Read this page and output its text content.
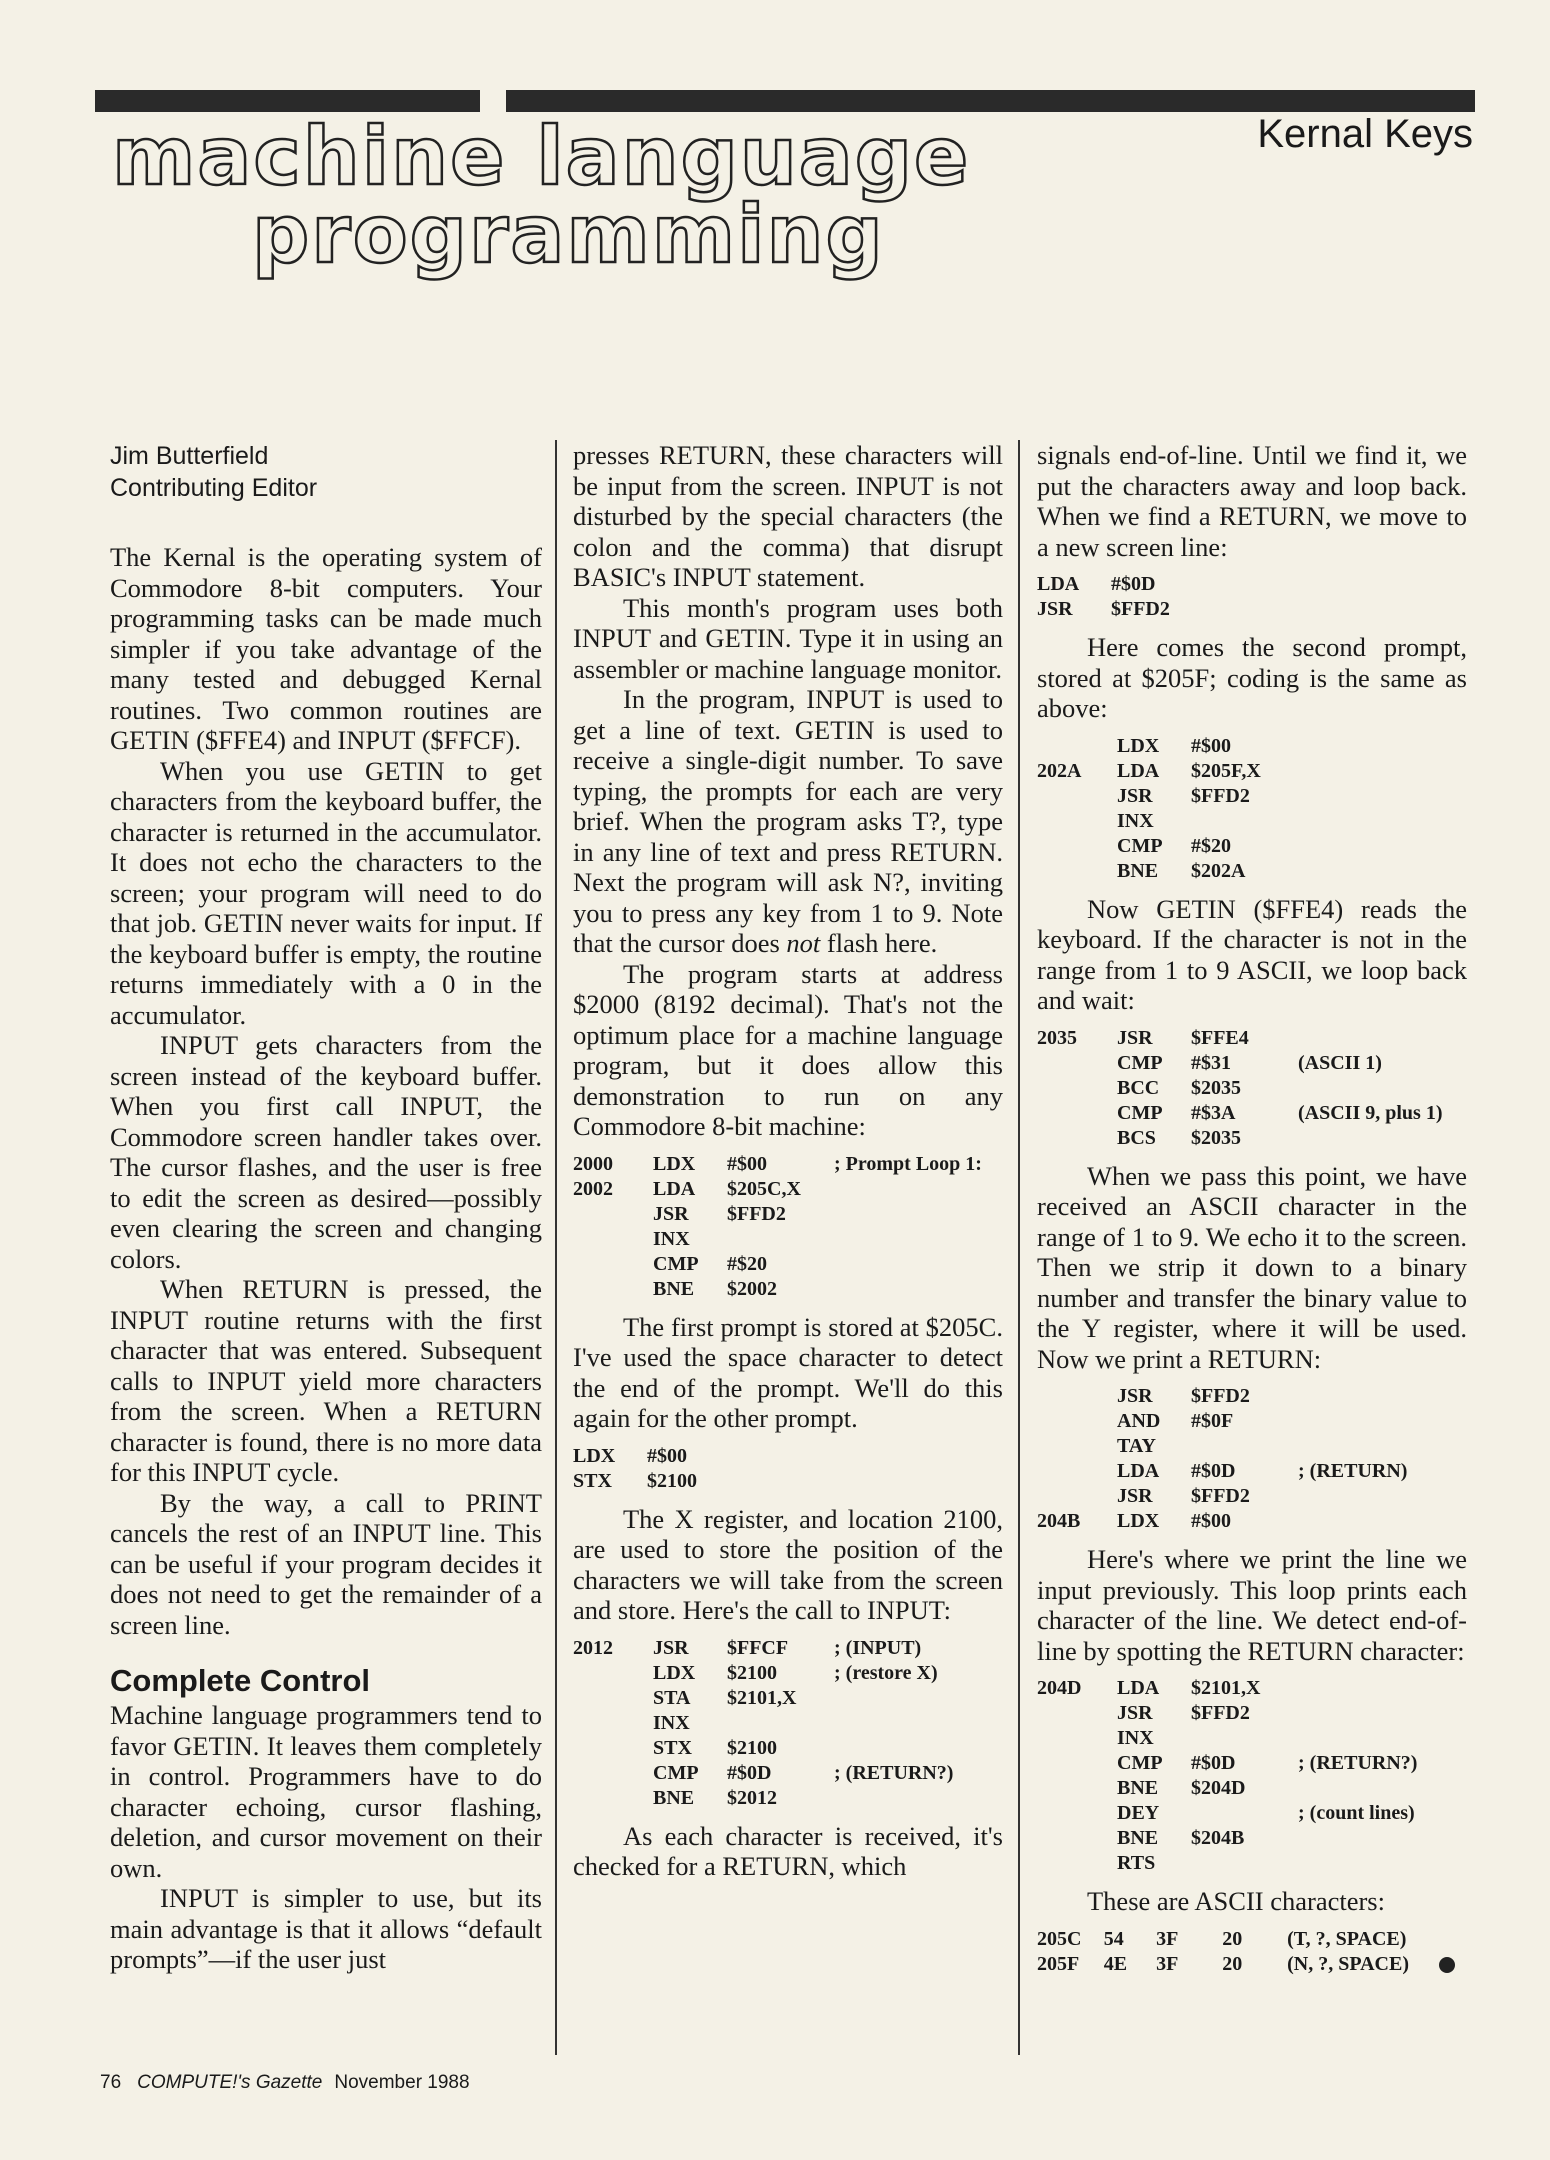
machine language
programming
Kernal Keys
Jim Butterfield
Contributing Editor

The Kernal is the operating system of Commodore 8-bit computers. Your programming tasks can be made much simpler if you take advantage of the many tested and debugged Kernal routines. Two common routines are GETIN ($FFE4) and INPUT ($FFCF).

When you use GETIN to get characters from the keyboard buffer, the character is returned in the accumulator. It does not echo the characters to the screen; your program will need to do that job. GETIN never waits for input. If the keyboard buffer is empty, the routine returns immediately with a 0 in the accumulator.

INPUT gets characters from the screen instead of the keyboard buffer. When you first call INPUT, the Commodore screen handler takes over. The cursor flashes, and the user is free to edit the screen as desired—possibly even clearing the screen and changing colors.

When RETURN is pressed, the INPUT routine returns with the first character that was entered. Subsequent calls to INPUT yield more characters from the screen. When a RETURN character is found, there is no more data for this INPUT cycle.

By the way, a call to PRINT cancels the rest of an INPUT line. This can be useful if your program decides it does not need to get the remainder of a screen line.

Complete Control

Machine language programmers tend to favor GETIN. It leaves them completely in control. Programmers have to do character echoing, cursor flashing, deletion, and cursor movement on their own.

INPUT is simpler to use, but its main advantage is that it allows “default prompts”—if the user just

presses RETURN, these characters will be input from the screen. INPUT is not disturbed by the special characters (the colon and the comma) that disrupt BASIC's INPUT statement.

This month's program uses both INPUT and GETIN. Type it in using an assembler or machine language monitor.

In the program, INPUT is used to get a line of text. GETIN is used to receive a single-digit number. To save typing, the prompts for each are very brief. When the program asks T?, type in any line of text and press RETURN. Next the program will ask N?, inviting you to press any key from 1 to 9. Note that the cursor does not flash here.

The program starts at address $2000 (8192 decimal). That's not the optimum place for a machine language program, but it does allow this demonstration to run on any Commodore 8-bit machine:

2000	LDX	#$00	; Prompt Loop 1:
2002	LDA	$205C,X	
	JSR	$FFD2	
	INX		
	CMP	#$20	
	BNE	$2002	

The first prompt is stored at $205C. I've used the space character to detect the end of the prompt. We'll do this again for the other prompt.

LDX	#$00
STX	$2100

The X register, and location 2100, are used to store the position of the characters we will take from the screen and store. Here's the call to INPUT:

2012	JSR	$FFCF	; (INPUT)
	LDX	$2100	; (restore X)
	STA	$2101,X	
	INX		
	STX	$2100	
	CMP	#$0D	; (RETURN?)
	BNE	$2012	

As each character is received, it's checked for a RETURN, which

signals end-of-line. Until we find it, we put the characters away and loop back. When we find a RETURN, we move to a new screen line:

LDA	#$0D
JSR	$FFD2

Here comes the second prompt, stored at $205F; coding is the same as above:

	LDX	#$00	
202A	LDA	$205F,X	
	JSR	$FFD2	
	INX		
	CMP	#$20	
	BNE	$202A	

Now GETIN ($FFE4) reads the keyboard. If the character is not in the range from 1 to 9 ASCII, we loop back and wait:

2035	JSR	$FFE4	
	CMP	#$31	(ASCII 1)
	BCC	$2035	
	CMP	#$3A	(ASCII 9, plus 1)
	BCS	$2035	

When we pass this point, we have received an ASCII character in the range of 1 to 9. We echo it to the screen. Then we strip it down to a binary number and transfer the binary value to the Y register, where it will be used. Now we print a RETURN:

	JSR	$FFD2	
	AND	#$0F	
	TAY		
	LDA	#$0D	; (RETURN)
	JSR	$FFD2	
204B	LDX	#$00	

Here's where we print the line we input previously. This loop prints each character of the line. We detect end-of-line by spotting the RETURN character:

204D	LDA	$2101,X	
	JSR	$FFD2	
	INX		
	CMP	#$0D	; (RETURN?)
	BNE	$204D	
	DEY		; (count lines)
	BNE	$204B	
	RTS		

These are ASCII characters:

205C	54	3F	20	(T, ?, SPACE)
205F	4E	3F	20	(N, ?, SPACE)
76 COMPUTE!'s Gazette November 1988
